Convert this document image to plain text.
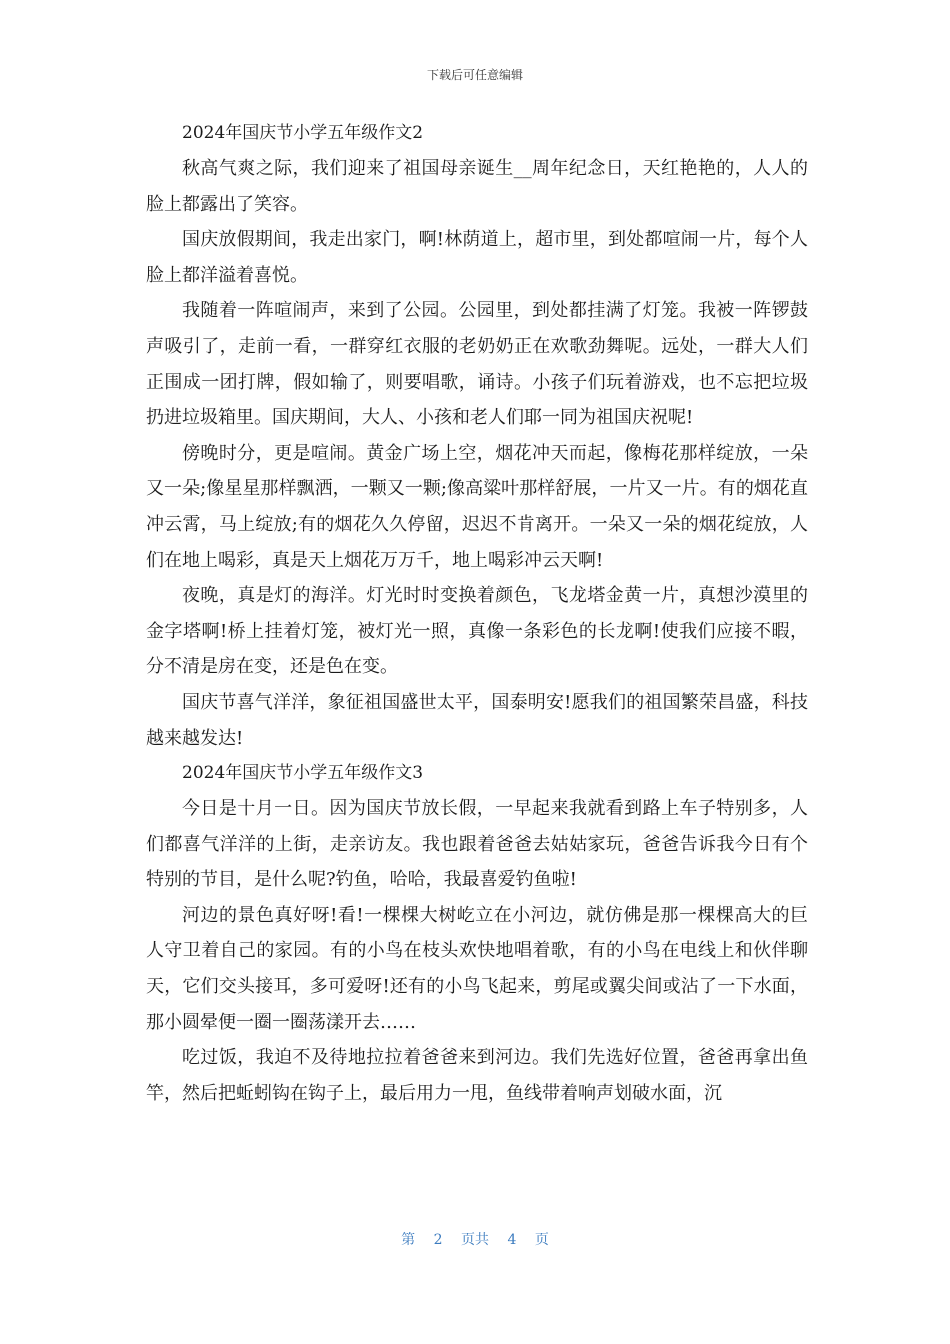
下载后可任意编辑

2024年国庆节小学五年级作文2

秋高气爽之际，我们迎来了祖国母亲诞生__周年纪念日，天红艳艳的，人人的脸上都露出了笑容。

国庆放假期间，我走出家门，啊!林荫道上，超市里，到处都喧闹一片，每个人脸上都洋溢着喜悦。

我随着一阵喧闹声，来到了公园。公园里，到处都挂满了灯笼。我被一阵锣鼓声吸引了，走前一看，一群穿红衣服的老奶奶正在欢歌劲舞呢。远处，一群大人们正围成一团打牌，假如输了，则要唱歌，诵诗。小孩子们玩着游戏，也不忘把垃圾扔进垃圾箱里。国庆期间，大人、小孩和老人们耶一同为祖国庆祝呢!

傍晚时分，更是喧闹。黄金广场上空，烟花冲天而起，像梅花那样绽放，一朵又一朵;像星星那样飘洒，一颗又一颗;像高粱叶那样舒展，一片又一片。有的烟花直冲云霄，马上绽放;有的烟花久久停留，迟迟不肯离开。一朵又一朵的烟花绽放，人们在地上喝彩，真是天上烟花万万千，地上喝彩冲云天啊!

夜晚，真是灯的海洋。灯光时时变换着颜色，飞龙塔金黄一片，真想沙漠里的金字塔啊!桥上挂着灯笼，被灯光一照，真像一条彩色的长龙啊!使我们应接不暇，分不清是房在变，还是色在变。

国庆节喜气洋洋，象征祖国盛世太平，国泰明安!愿我们的祖国繁荣昌盛，科技越来越发达!

2024年国庆节小学五年级作文3

今日是十月一日。因为国庆节放长假，一早起来我就看到路上车子特别多，人们都喜气洋洋的上街，走亲访友。我也跟着爸爸去姑姑家玩，爸爸告诉我今日有个特别的节目，是什么呢?钓鱼，哈哈，我最喜爱钓鱼啦!

河边的景色真好呀!看!一棵棵大树屹立在小河边，就仿佛是那一棵棵高大的巨人守卫着自己的家园。有的小鸟在枝头欢快地唱着歌，有的小鸟在电线上和伙伴聊天，它们交头接耳，多可爱呀!还有的小鸟飞起来，剪尾或翼尖间或沾了一下水面，那小圆晕便一圈一圈荡漾开去……

吃过饭，我迫不及待地拉拉着爸爸来到河边。我们先选好位置，爸爸再拿出鱼竿，然后把蚯蚓钩在钩子上，最后用力一甩，鱼线带着响声划破水面，沉

第 2 页共 4 页
